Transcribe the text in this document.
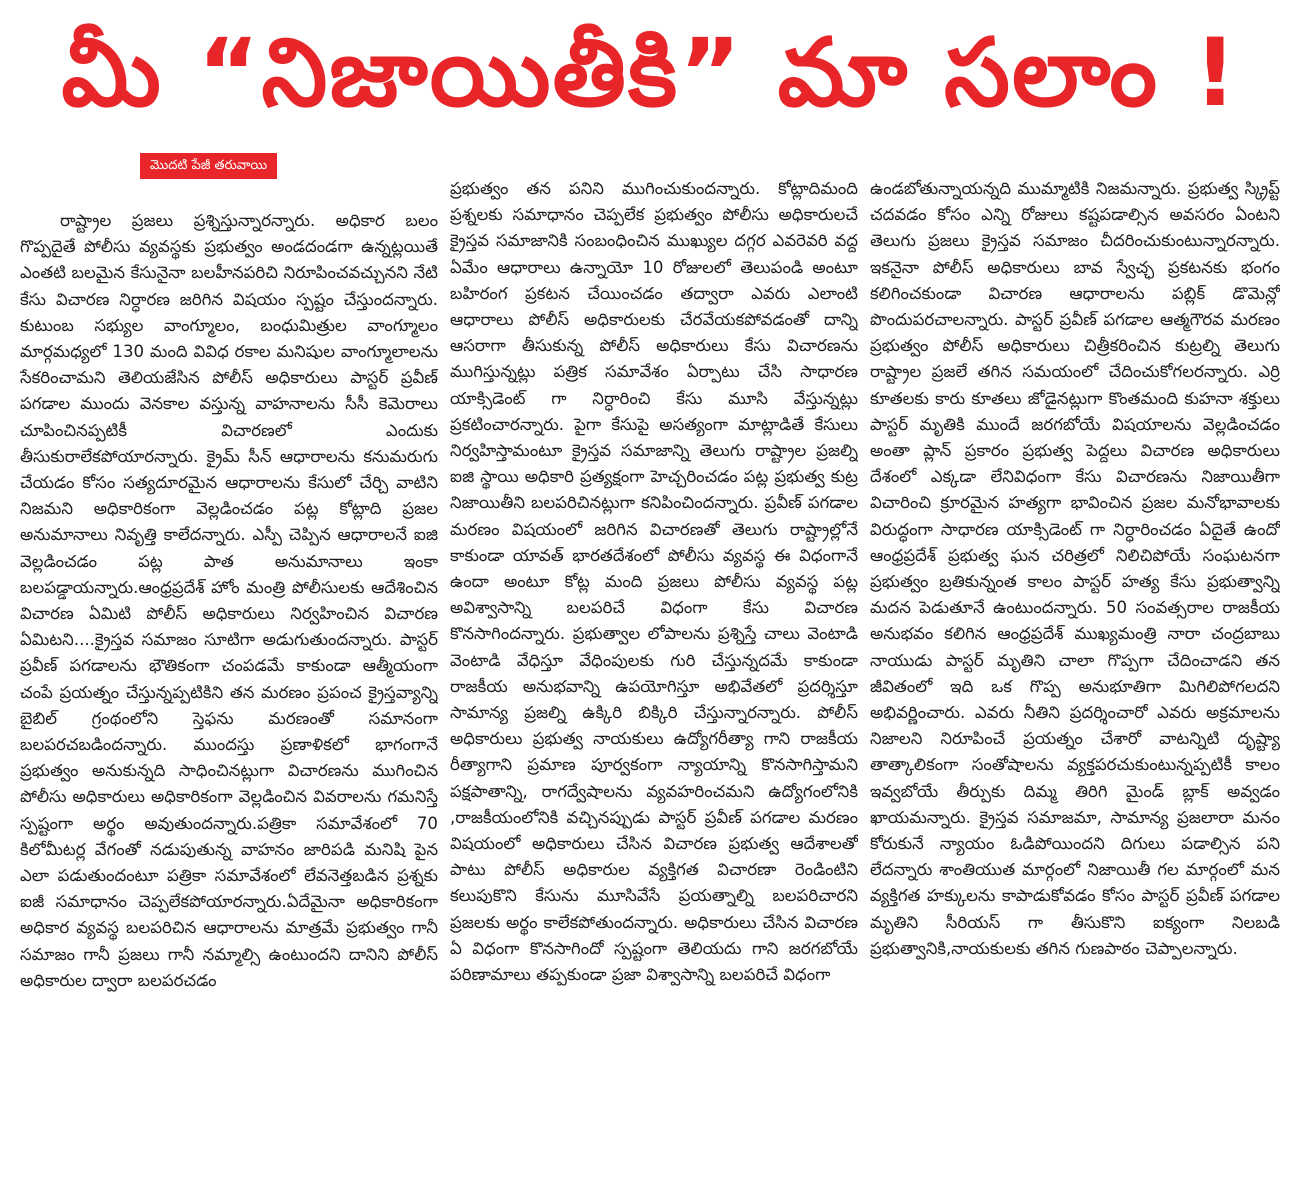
మీ “నిజాయితీకి” మా సలాం !
మొదటి పేజీ తరువాయి

రాష్ట్రాల ప్రజలు ప్రశ్నిస్తున్నారన్నారు. అధికార బలం గొప్పదైతే పోలీసు వ్యవస్థకు ప్రభుత్వం అండదండగా ఉన్నట్లయితే ఎంతటి బలమైన కేసునైనా బలహీనపరిచి నిరూపించవచ్చునని నేటి కేసు విచారణ నిర్ధారణ జరిగిన విషయం స్పష్టం చేస్తుందన్నారు. కుటుంబ సభ్యుల వాంగ్మూలం, బంధుమిత్రుల వాంగ్మూలం మార్గమధ్యలో 130 మంది వివిధ రకాల మనిషుల వాంగ్మూలాలను సేకరించామని తెలియజేసిన పోలీస్ అధికారులు పాస్టర్ ప్రవీణ్ పగడాల ముందు వెనకాల వస్తున్న వాహనాలను సీసీ కెమెరాలు చూపించినప్పటికీ విచారణలో ఎందుకు తీసుకురాలేకపోయారన్నారు. క్రైమ్ సీన్ ఆధారాలను కనుమరుగు చేయడం కోసం సత్యదూరమైన ఆధారాలను కేసులో చేర్చి వాటిని నిజమని అధికారికంగా వెల్లడించడం పట్ల కోట్లాది ప్రజల అనుమానాలు నివృత్తి కాలేదన్నారు. ఎస్పీ చెప్పిన ఆధారాలనే ఐజి వెల్లడించడం పట్ల పాత అనుమానాలు ఇంకా బలపడ్డాయన్నారు.ఆంధ్రప్రదేశ్ హోం మంత్రి పోలీసులకు ఆదేశించిన విచారణ ఏమిటి పోలీస్ అధికారులు నిర్వహించిన విచారణ ఏమిటని....క్రైస్తవ సమాజం సూటిగా అడుగుతుందన్నారు. పాస్టర్ ప్రవీణ్ పగడాలను భౌతికంగా చంపడమే కాకుండా ఆత్మీయంగా చంపే ప్రయత్నం చేస్తున్నప్పటికిని తన మరణం ప్రపంచ క్రైస్తవ్యాన్ని బైబిల్ గ్రంథంలోని స్తెఫను మరణంతో సమానంగా బలపరచబడిందన్నారు. ముందస్తు ప్రణాళికలో భాగంగానే ప్రభుత్వం అనుకున్నది సాధించినట్లుగా విచారణను ముగించిన పోలీసు అధికారులు అధికారికంగా వెల్లడించిన వివరాలను గమనిస్తే స్పష్టంగా అర్థం అవుతుందన్నారు.పత్రికా సమావేశంలో 70 కిలోమీటర్ల వేగంతో నడుపుతున్న వాహనం జారిపడి మనిషి పైన ఎలా పడుతుందంటూ పత్రికా సమావేశంలో లేవనెత్తబడిన ప్రశ్నకు ఐజీ సమాధానం చెప్పలేకపోయారన్నారు.ఏదేమైనా అధికారికంగా అధికార వ్యవస్థ బలపరిచిన ఆధారాలను మాత్రమే ప్రభుత్వం గానీ సమాజం గానీ ప్రజలు గానీ నమ్మాల్సి ఉంటుందని దానిని పోలీస్ అధికారుల ద్వారా బలపరచడం

ప్రభుత్వం తన పనిని ముగించుకుందన్నారు. కోట్లాదిమంది ప్రశ్నలకు సమాధానం చెప్పలేక ప్రభుత్వం పోలీసు అధికారులచే క్రైస్తవ సమాజానికి సంబంధించిన ముఖ్యుల దగ్గర ఎవరెవరి వద్ద ఏమేం ఆధారాలు ఉన్నాయో 10 రోజులలో తెలుపండి అంటూ బహిరంగ ప్రకటన చేయించడం తద్వారా ఎవరు ఎలాంటి ఆధారాలు పోలీస్ అధికారులకు చేరవేయకపోవడంతో దాన్ని ఆసరాగా తీసుకున్న పోలీస్ అధికారులు కేసు విచారణను ముగిస్తున్నట్లు పత్రిక సమావేశం ఏర్పాటు చేసి సాధారణ యాక్సిడెంట్ గా నిర్ధారించి కేసు మూసి వేస్తున్నట్లు ప్రకటించారన్నారు. పైగా కేసుపై అసత్యంగా మాట్లాడితే కేసులు నిర్వహిస్తామంటూ క్రైస్తవ సమాజాన్ని తెలుగు రాష్ట్రాల ప్రజల్ని ఐజి స్థాయి అధికారి ప్రత్యక్షంగా హెచ్చరించడం పట్ల ప్రభుత్వ కుట్ర నిజాయితీని బలపరిచినట్లుగా కనిపించిందన్నారు. ప్రవీణ్ పగడాల మరణం విషయంలో జరిగిన విచారణతో తెలుగు రాష్ట్రాల్లోనే కాకుండా యావత్ భారతదేశంలో పోలీసు వ్యవస్థ ఈ విధంగానే ఉందా అంటూ కోట్ల మంది ప్రజలు పోలీసు వ్యవస్థ పట్ల అవిశ్వాసాన్ని బలపరిచే విధంగా కేసు విచారణ కొనసాగిందన్నారు. ప్రభుత్వాల లోపాలను ప్రశ్నిస్తే చాలు వెంటాడి వెంటాడి వేధిస్తూ వేధింపులకు గురి చేస్తున్నదమే కాకుండా రాజకీయ అనుభవాన్ని ఉపయోగిస్తూ అభివేతలో ప్రదర్శిస్తూ సామాన్య ప్రజల్ని ఉక్కిరి బిక్కిరి చేస్తున్నారన్నారు. పోలీస్ అధికారులు ప్రభుత్వ నాయకులు ఉద్యోగరీత్యా గాని రాజకీయ రీత్యాగాని ప్రమాణ పూర్వకంగా న్యాయాన్ని కొనసాగిస్తామని పక్షపాతాన్ని, రాగద్వేషాలను వ్యవహరించమని ఉద్యోగంలోనికి ,రాజకీయంలోనికి వచ్చినప్పుడు పాస్టర్ ప్రవీణ్ పగడాల మరణం విషయంలో అధికారులు చేసిన విచారణ ప్రభుత్వ ఆదేశాలతో పాటు పోలీస్ అధికారుల వ్యక్తిగత విచారణా రెండింటిని కలుపుకొని కేసును మూసివేసే ప్రయత్నాల్ని బలపరిచారని ప్రజలకు అర్థం కాలేకపోతుందన్నారు. అధికారులు చేసిన విచారణ ఏ విధంగా కొనసాగిందో స్పష్టంగా తెలియదు గాని జరగబోయే పరిణామాలు తప్పకుండా ప్రజా విశ్వాసాన్ని బలపరిచే విధంగా

ఉండబోతున్నాయన్నది ముమ్మాటికి నిజమన్నారు. ప్రభుత్వ స్క్రిప్ట్ చదవడం కోసం ఎన్ని రోజులు కష్టపడాల్సిన అవసరం ఏంటని తెలుగు ప్రజలు క్రైస్తవ సమాజం చీదరించుకుంటున్నారన్నారు. ఇకనైనా పోలీస్ అధికారులు బావ స్వేచ్ఛ ప్రకటనకు భంగం కలిగించకుండా విచారణ ఆధారాలను పబ్లిక్ డొమెన్లో పొందుపరచాలన్నారు. పాస్టర్ ప్రవీణ్ పగడాల ఆత్మగౌరవ మరణం ప్రభుత్వం పోలీస్ అధికారులు చిత్రీకరించిన కుట్రల్ని తెలుగు రాష్ట్రాల ప్రజలే తగిన సమయంలో చేదించుకోగలరన్నారు. ఎర్రి కూతలకు కారు కూతలు జోడైనట్లుగా కొంతమంది కుహనా శక్తులు పాస్టర్ మృతికి ముందే జరగబోయే విషయాలను వెల్లడించడం అంతా ప్లాన్ ప్రకారం ప్రభుత్వ పెద్దలు విచారణ అధికారులు దేశంలో ఎక్కడా లేనివిధంగా కేసు విచారణను నిజాయితీగా విచారించి క్రూరమైన హత్యగా భావించిన ప్రజల మనోభావాలకు విరుద్ధంగా సాధారణ యాక్సిడెంట్ గా నిర్ధారించడం ఏదైతే ఉందో ఆంధ్రప్రదేశ్ ప్రభుత్వ ఘన చరిత్రలో నిలిచిపోయే సంఘటనగా ప్రభుత్వం బ్రతికున్నంత కాలం పాస్టర్ హత్య కేసు ప్రభుత్వాన్ని మదన పెడుతూనే ఉంటుందన్నారు. 50 సంవత్సరాల రాజకీయ అనుభవం కలిగిన ఆంధ్రప్రదేశ్ ముఖ్యమంత్రి నారా చంద్రబాబు నాయుడు పాస్టర్ మృతిని చాలా గొప్పగా చేదించాడని తన జీవితంలో ఇది ఒక గొప్ప అనుభూతిగా మిగిలిపోగలదని అభివర్ణించారు. ఎవరు నీతిని ప్రదర్శించారో ఎవరు అక్రమాలను నిజాలని నిరూపించే ప్రయత్నం చేశారో వాటన్నిటి దృష్ట్యా తాత్కాలికంగా సంతోషాలను వ్యక్తపరచుకుంటున్నప్పటికీ కాలం ఇవ్వబోయే తీర్పుకు దిమ్మ తిరిగి మైండ్ బ్లాక్ అవ్వడం ఖాయమన్నారు. క్రైస్తవ సమాజమా, సామాన్య ప్రజలారా మనం కోరుకునే న్యాయం ఓడిపోయిందని దిగులు పడాల్సిన పని లేదన్నారు శాంతియుత మార్గంలో నిజాయితీ గల మార్గంలో మన వ్యక్తిగత హక్కులను కాపాడుకోవడం కోసం పాస్టర్ ప్రవీణ్ పగడాల మృతిని సీరియస్ గా తీసుకొని ఐక్యంగా నిలబడి ప్రభుత్వానికి,నాయకులకు తగిన గుణపాఠం చెప్పాలన్నారు.
